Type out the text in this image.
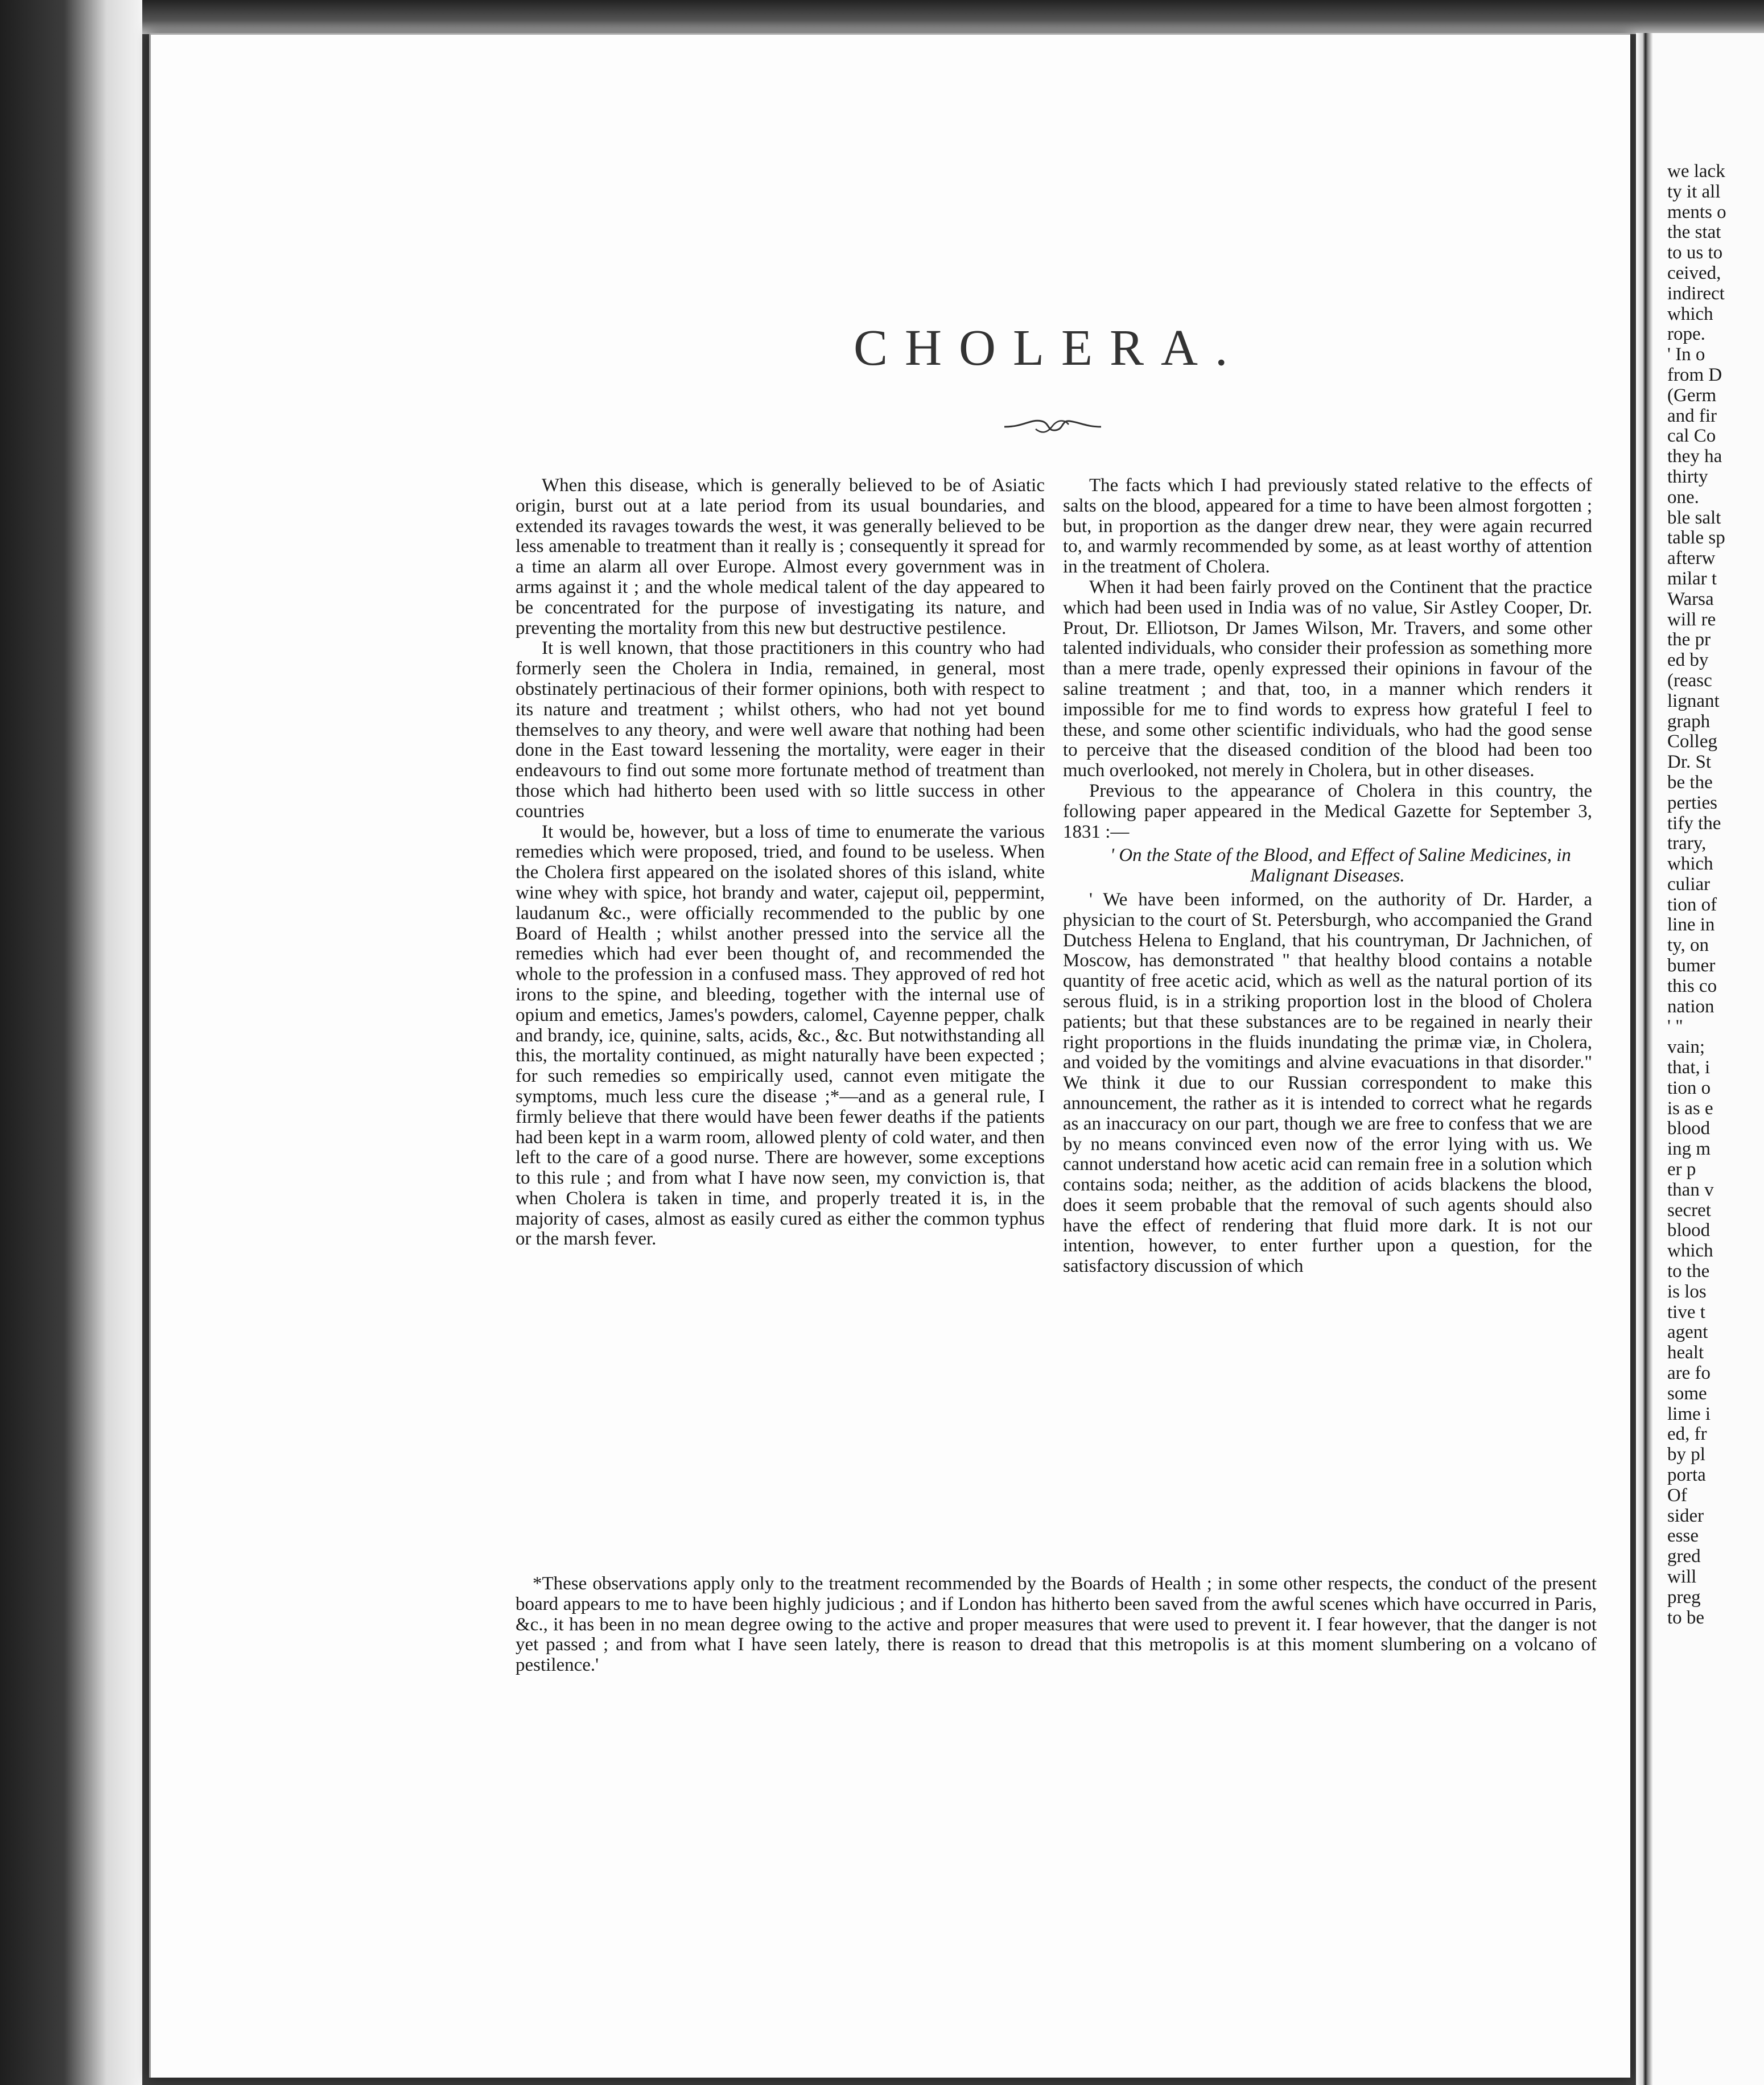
CHOLERA.

When this disease, which is generally believed to be of Asiatic origin, burst out at a late period from its usual boundaries, and extended its ravages towards the west, it was generally believed to be less amenable to treatment than it really is ; consequently it spread for a time an alarm all over Europe. Almost every government was in arms against it ; and the whole medical talent of the day appeared to be concentrated for the purpose of investigating its nature, and preventing the mortality from this new but destructive pestilence.

It is well known, that those practitioners in this country who had formerly seen the Cholera in India, remained, in general, most obstinately pertinacious of their former opinions, both with respect to its nature and treatment ; whilst others, who had not yet bound themselves to any theory, and were well aware that nothing had been done in the East toward lessening the mortality, were eager in their endeavours to find out some more fortunate method of treatment than those which had hitherto been used with so little success in other countries

It would be, however, but a loss of time to enumerate the various remedies which were proposed, tried, and found to be useless. When the Cholera first appeared on the isolated shores of this island, white wine whey with spice, hot brandy and water, cajeput oil, peppermint, laudanum &c., were officially recommended to the public by one Board of Health ; whilst another pressed into the service all the remedies which had ever been thought of, and recommended the whole to the profession in a confused mass. They approved of red hot irons to the spine, and bleeding, together with the internal use of opium and emetics, James's powders, calomel, Cayenne pepper, chalk and brandy, ice, quinine, salts, acids, &c., &c. But notwithstanding all this, the mortality continued, as might naturally have been expected ; for such remedies so empirically used, cannot even mitigate the symptoms, much less cure the disease ;*—and as a general rule, I firmly believe that there would have been fewer deaths if the patients had been kept in a warm room, allowed plenty of cold water, and then left to the care of a good nurse. There are however, some exceptions to this rule ; and from what I have now seen, my conviction is, that when Cholera is taken in time, and properly treated it is, in the majority of cases, almost as easily cured as either the common typhus or the marsh fever.

The facts which I had previously stated relative to the effects of salts on the blood, appeared for a time to have been almost forgotten ; but, in proportion as the danger drew near, they were again recurred to, and warmly recommended by some, as at least worthy of attention in the treatment of Cholera.

When it had been fairly proved on the Continent that the practice which had been used in India was of no value, Sir Astley Cooper, Dr. Prout, Dr. Elliotson, Dr James Wilson, Mr. Travers, and some other talented individuals, who consider their profession as something more than a mere trade, openly expressed their opinions in favour of the saline treatment ; and that, too, in a manner which renders it impossible for me to find words to express how grateful I feel to these, and some other scientific individuals, who had the good sense to perceive that the diseased condition of the blood had been too much overlooked, not merely in Cholera, but in other diseases.

Previous to the appearance of Cholera in this country, the following paper appeared in the Medical Gazette for September 3, 1831 :—

' On the State of the Blood, and Effect of Saline Medicines, in Malignant Diseases.

' We have been informed, on the authority of Dr. Harder, a physician to the court of St. Petersburgh, who accompanied the Grand Dutchess Helena to England, that his countryman, Dr Jachnichen, of Moscow, has demonstrated " that healthy blood contains a notable quantity of free acetic acid, which as well as the natural portion of its serous fluid, is in a striking proportion lost in the blood of Cholera patients; but that these substances are to be regained in nearly their right proportions in the fluids inundating the primæ viæ, in Cholera, and voided by the vomitings and alvine evacuations in that disorder." We think it due to our Russian correspondent to make this announcement, the rather as it is intended to correct what he regards as an inaccuracy on our part, though we are free to confess that we are by no means convinced even now of the error lying with us. We cannot understand how acetic acid can remain free in a solution which contains soda; neither, as the addition of acids blackens the blood, does it seem probable that the removal of such agents should also have the effect of rendering that fluid more dark. It is not our intention, however, to enter further upon a question, for the satisfactory discussion of which

*These observations apply only to the treatment recommended by the Boards of Health ; in some other respects, the conduct of the present board appears to me to have been highly judicious ; and if London has hitherto been saved from the awful scenes which have occurred in Paris, &c., it has been in no mean degree owing to the active and proper measures that were used to prevent it. I fear however, that the danger is not yet passed ; and from what I have seen lately, there is reason to dread that this metropolis is at this moment slumbering on a volcano of pestilence.'

we lack
ty it all
ments o
the stat
to us to
ceived,
indirect
which
rope.
' In o
from D
(Germ
and fir
cal Co
they ha
thirty
one.
ble salt
table sp
afterw
milar t
Warsa
will re
the pr
ed by
(reasc
lignant
graph
Colleg
Dr. St
be the
perties
tify the
trary,
which
culiar
tion of
line in
ty, on
bumer
this co
nation
' "
vain;
that, i
tion o
is as e
blood
ing m
er p
than v
secret
blood
which
to the
is los
tive t
agent
healt
are fo
some
lime i
ed, fr
by pl
porta
Of
sider
esse
gred
will
preg
to be
